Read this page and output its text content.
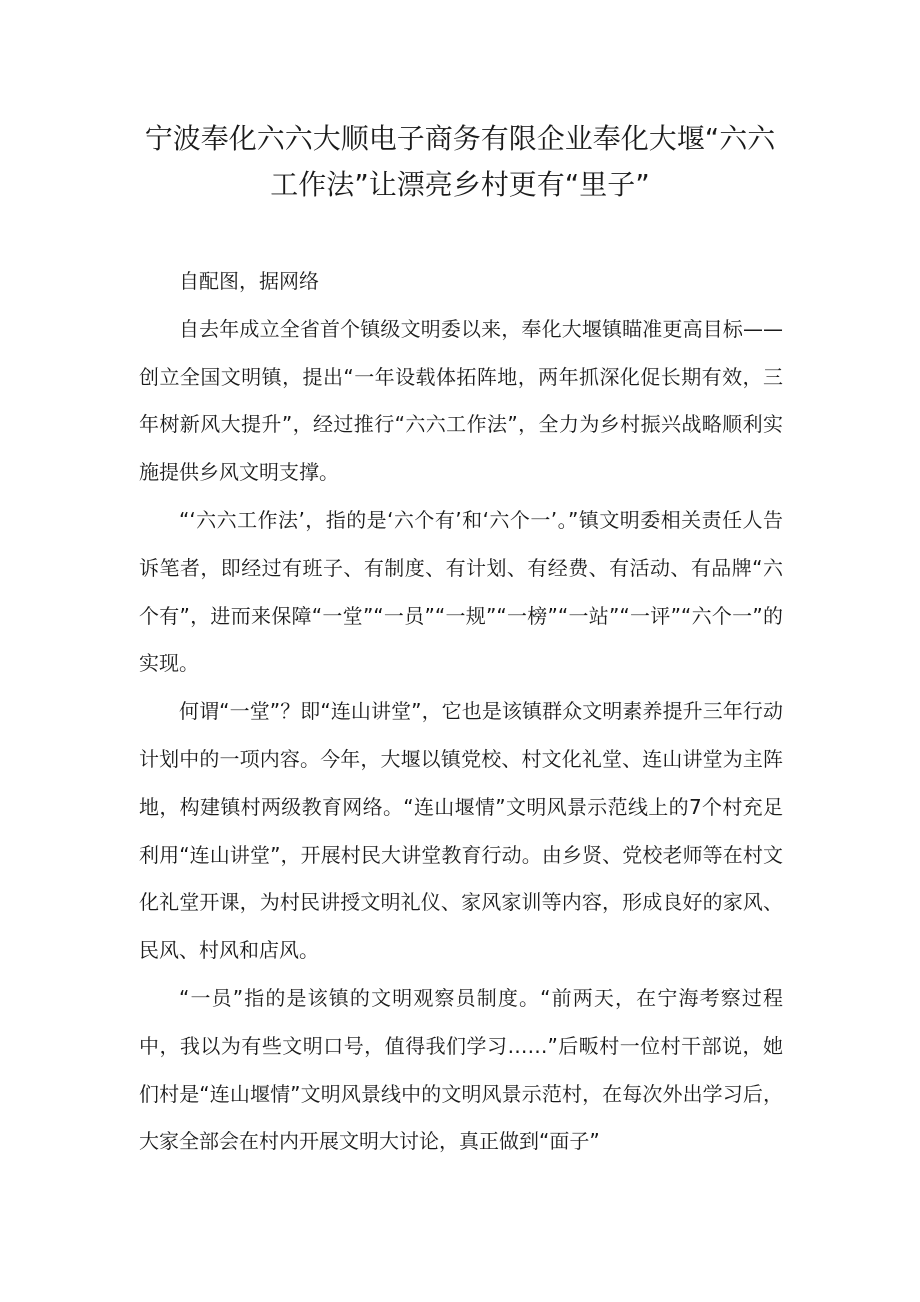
宁波奉化六六大顺电子商务有限企业奉化大堰“六六
工作法”让漂亮乡村更有“里子”

自配图，据网络

自去年成立全省首个镇级文明委以来，奉化大堰镇瞄准更高目标——创立全国文明镇，提出“一年设载体拓阵地，两年抓深化促长期有效，三年树新风大提升”，经过推行“六六工作法”，全力为乡村振兴战略顺利实施提供乡风文明支撑。

“‘六六工作法’，指的是‘六个有’和‘六个一’。”镇文明委相关责任人告诉笔者，即经过有班子、有制度、有计划、有经费、有活动、有品牌“六个有”，进而来保障“一堂”“一员”“一规”“一榜”“一站”“一评”“六个一”的实现。

何谓“一堂”？即“连山讲堂”，它也是该镇群众文明素养提升三年行动计划中的一项内容。今年，大堰以镇党校、村文化礼堂、连山讲堂为主阵地，构建镇村两级教育网络。“连山堰情”文明风景示范线上的7个村充足利用“连山讲堂”，开展村民大讲堂教育行动。由乡贤、党校老师等在村文化礼堂开课，为村民讲授文明礼仪、家风家训等内容，形成良好的家风、民风、村风和店风。

“一员”指的是该镇的文明观察员制度。“前两天，在宁海考察过程中，我以为有些文明口号，值得我们学习……”后畈村一位村干部说，她们村是“连山堰情”文明风景线中的文明风景示范村，在每次外出学习后，大家全部会在村内开展文明大讨论，真正做到“面子”
